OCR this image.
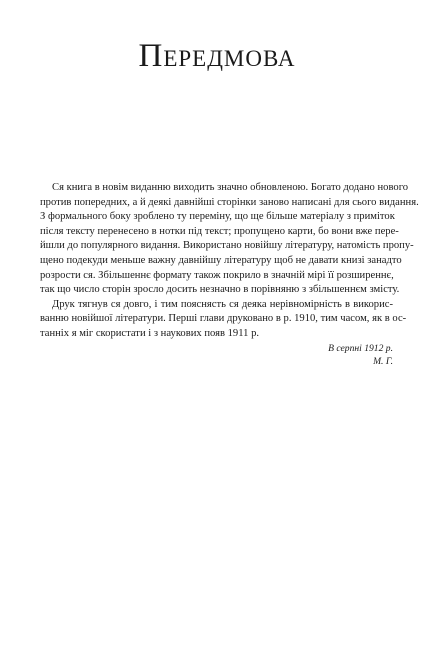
Передмова
Ся книга в новім виданню виходить значно обновленою. Богато додано нового
против попередних, а й деякі давнійші сторінки заново написані для сього видання.
З формального боку зроблено ту переміну, що ще більше матеріалу з приміток
після тексту перенесено в нотки під текст; пропущено карти, бо вони вже пере-
йшли до популярного видання. Використано новійшу літературу, натомість пропу-
щено подекуди меньше важну давнійшу літературу щоб не давати книзі занадто
розрости ся. Збільшеннє формату також покрило в значній мірі її розширеннє,
так що число сторін зросло досить незначно в порівняню з збільшеннєм змісту.
Друк тягнув ся довго, і тим пояснясть ся деяка нерівномірність в викорис-
ванню новійшої літератури. Перші глави друковано в р. 1910, тим часом, як в ос-
танніх я міг скористати і з наукових появ 1911 р.
В серпні 1912 р.
М. Г.
